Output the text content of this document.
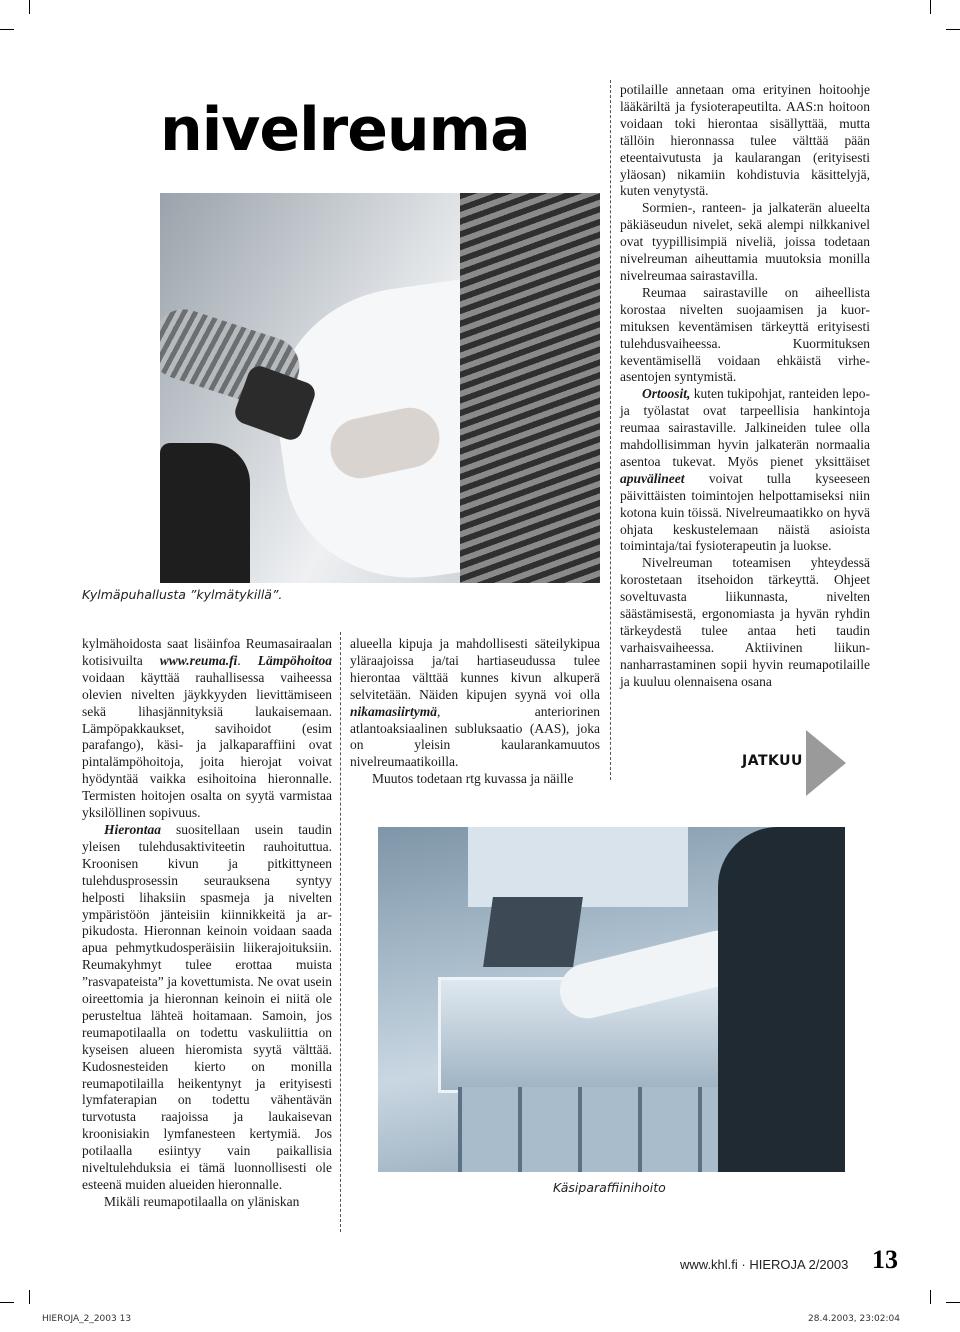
nivelreuma
Kylmäpuhallusta ”kylmätykillä”.
Käsiparaffiinihoito

kylmähoidosta saat lisäinfoa Reumasairaalan kotisivuilta www.reuma.fi. Lämpöhoitoa voidaan käyttää rauhallisessa vaiheessa olevien nivelten jäykkyyden lievittämiseen sekä lihasjännityksiä laukaisemaan. Lämpöpakkaukset, savihoidot (esim parafango), käsi- ja jalkaparaffiini ovat pintalämpöhoitoja, joita hierojat voivat hyödyntää vaikka esihoitoina hieronnalle. Termisten hoitojen osalta on syytä varmistaa yksilöllinen sopivuus.

Hierontaa suositellaan usein taudin yleisen tulehdusaktiviteetin rauhoituttua. Kroonisen kivun ja pitkittyneen tulehdusprosessin seurauksena syntyy helposti lihaksiin spasmeja ja nivelten ympäristöön jänteisiin kiinnikkeitä ja arpikudosta. Hieronnan keinoin voidaan saada apua pehmytkudosperäisiin liikerajoituksiin. Reumakyhmyt tulee erottaa muista ”rasvapateista” ja kovettumista. Ne ovat usein oireettomia ja hieronnan keinoin ei niitä ole perusteltua lähteä hoitamaan. Samoin, jos reumapotilaalla on todettu vaskuliittia on kyseisen alueen hieromista syytä välttää. Kudosnesteiden kierto on monilla reumapotilailla heikentynyt ja erityisesti lymfaterapian on todettu vähentävän turvotusta raajoissa ja laukaisevan kroonisiakin lymfanesteen kertymiä. Jos potilaalla esiintyy vain paikallisia niveltulehduksia ei tämä luonnollisesti ole esteenä muiden alueiden hieronnalle.

Mikäli reumapotilaalla on yläniskan

alueella kipuja ja mahdollisesti säteilykipua yläraajoissa ja/tai hartiaseudussa tulee hierontaa välttää kunnes kivun alkuperä selvitetään. Näiden kipujen syynä voi olla nikamasiirtymä, anteriorinen atlantoaksiaalinen subluksaatio (AAS), joka on yleisin kaularankamuutos nivelreumaatikoilla.

Muutos todetaan rtg kuvassa ja näille

potilaille annetaan oma erityinen hoitoohje lääkäriltä ja fysioterapeutilta. AAS:n hoitoon voidaan toki hierontaa sisällyttää, mutta tällöin hieronnassa tulee välttää pään eteentaivutusta ja kaularangan (erityisesti yläosan) nikamiin kohdistuvia käsittelyjä, kuten venytystä.

Sormien-, ranteen- ja jalkaterän alueelta päkiäseudun nivelet, sekä alempi nilkkanivel ovat tyypillisimpiä niveliä, joissa todetaan nivelreuman aiheuttamia muutoksia monilla nivelreumaa sairastavilla.

Reumaa sairastaville on aiheellista korostaa nivelten suojaamisen ja kuormituksen keventämisen tärkeyttä erityisesti tulehdusvaiheessa. Kuormituksen keventämisellä voidaan ehkäistä virheasentojen syntymistä.

Ortoosit, kuten tukipohjat, ranteiden lepo- ja työlastat ovat tarpeellisia hankintoja reumaa sairastaville. Jalkineiden tulee olla mahdollisimman hyvin jalkaterän normaalia asentoa tukevat. Myös pienet yksittäiset apuvälineet voivat tulla kyseeseen päivittäisten toimintojen helpottamiseksi niin kotona kuin töissä. Nivelreumaatikko on hyvä ohjata keskustelemaan näistä asioista toimintaja/tai fysioterapeutin ja luokse.

Nivelreuman toteamisen yhteydessä korostetaan itsehoidon tärkeyttä. Ohjeet soveltuvasta liikunnasta, nivelten säästämisestä, ergonomiasta ja hyvän ryhdin tärkeydestä tulee antaa heti taudin varhaisvaiheessa. Aktiivinen liikunnanharrastaminen sopii hyvin reumapotilaille ja kuuluu olennaisena osana

JATKUU
www.khl.fi · HIEROJA 2/2003 13
HIEROJA_2_2003 13	28.4.2003, 23:02:04
